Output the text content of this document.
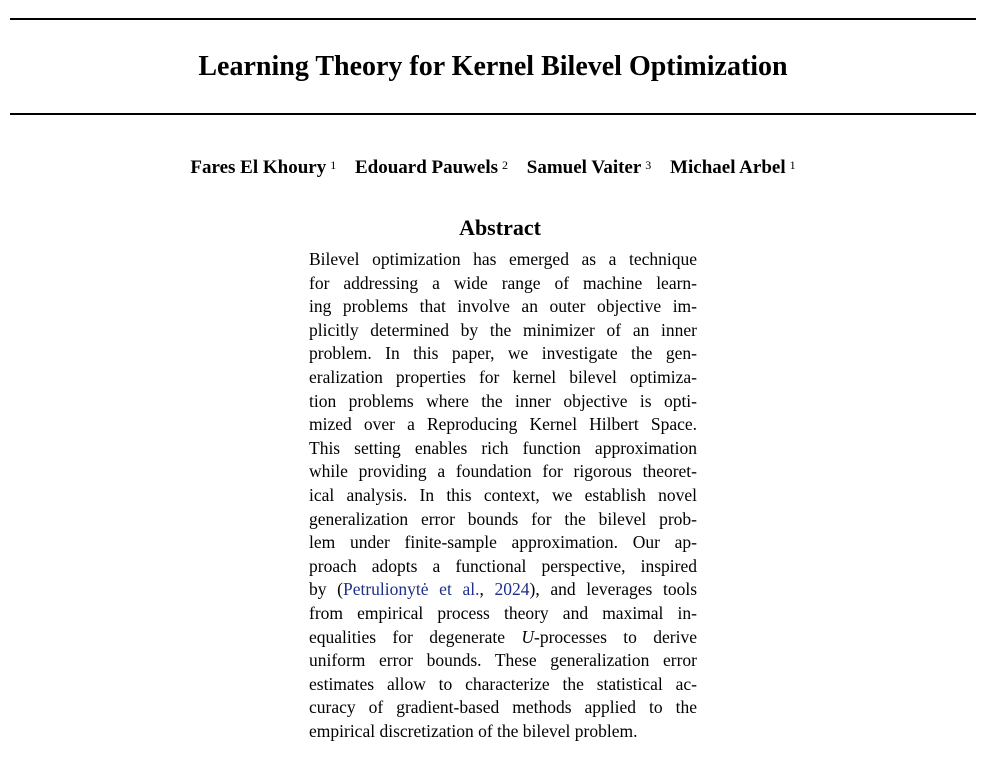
Learning Theory for Kernel Bilevel Optimization
Fares El Khoury $^1$ Edouard Pauwels $^2$ Samuel Vaiter $^3$ Michael Arbel $^1$
Abstract
Bilevel optimization has emerged as a technique
for addressing a wide range of machine learn-
ing problems that involve an outer objective im-
plicitly determined by the minimizer of an inner
problem. In this paper, we investigate the gen-
eralization properties for kernel bilevel optimiza-
tion problems where the inner objective is opti-
mized over a Reproducing Kernel Hilbert Space.
This setting enables rich function approximation
while providing a foundation for rigorous theoret-
ical analysis. In this context, we establish novel
generalization error bounds for the bilevel prob-
lem under finite-sample approximation. Our ap-
proach adopts a functional perspective, inspired
by (Petrulionytė et al., 2024), and leverages tools
from empirical process theory and maximal in-
equalities for degenerate U-processes to derive
uniform error bounds. These generalization error
estimates allow to characterize the statistical ac-
curacy of gradient-based methods applied to the
empirical discretization of the bilevel problem.
